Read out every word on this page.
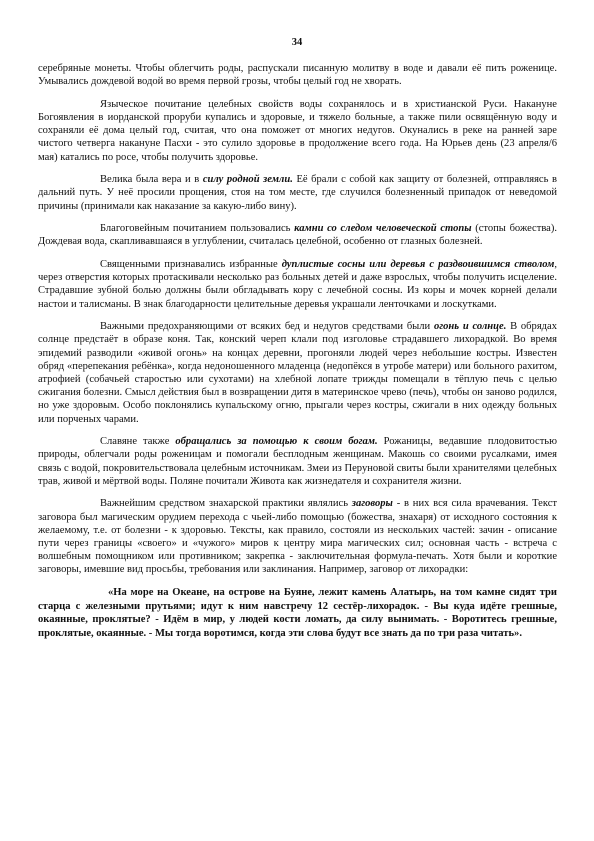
34

серебряные монеты. Чтобы облегчить роды, распускали писанную молитву в воде и давали её пить роженице. Умывались дождевой водой во время первой грозы, чтобы целый год не хворать.

Языческое почитание целебных свойств воды сохранялось и в христианской Руси. Накануне Богоявления в иорданской проруби купались и здоровые, и тяжело больные, а также пили освящённую воду и сохраняли её дома целый год, считая, что она поможет от многих недугов. Окунались в реке на ранней заре чистого четверга накануне Пасхи - это сулило здоровье в продолжение всего года. На Юрьев день (23 апреля/6 мая) катались по росе, чтобы получить здоровье.

Велика была вера и в силу родной земли. Её брали с собой как защиту от болезней, отправляясь в дальний путь. У неё просили прощения, стоя на том месте, где случился болезненный припадок от неведомой причины (принимали как наказание за какую-либо вину).

Благоговейным почитанием пользовались камни со следом человеческой стопы (стопы божества). Дождевая вода, скапливавшаяся в углублении, считалась целебной, особенно от глазных болезней.

Священными признавались избранные дуплистые сосны или деревья с раздвоившимся стволом, через отверстия которых протаскивали несколько раз больных детей и даже взрослых, чтобы получить исцеление. Страдавшие зубной болью должны были обгладывать кору с лечебной сосны. Из коры и мочек корней делали настои и талисманы. В знак благодарности целительные деревья украшали ленточками и лоскутками.

Важными предохраняющими от всяких бед и недугов средствами были огонь и солнце. В обрядах солнце предстаёт в образе коня. Так, конский череп клали под изголовье страдавшего лихорадкой. Во время эпидемий разводили «живой огонь» на концах деревни, прогоняли людей через небольшие костры. Известен обряд «перепекания ребёнка», когда недоношенного младенца (недопёкся в утробе матери) или больного рахитом, атрофией (собачьей старостью или сухотами) на хлебной лопате трижды помещали в тёплую печь с целью сжигания болезни. Смысл действия был в возвращении дитя в материнское чрево (печь), чтобы он заново родился, но уже здоровым. Особо поклонялись купальскому огню, прыгали через костры, сжигали в них одежду больных или порченых чарами.

Славяне также обращались за помощью к своим богам. Рожаницы, ведавшие плодовитостью природы, облегчали роды роженицам и помогали бесплодным женщинам. Макошь со своими русалками, имея связь с водой, покровительствовала целебным источникам. Змеи из Перуновой свиты были хранителями целебных трав, живой и мёртвой воды. Поляне почитали Живота как жизнедателя и сохранителя жизни.

Важнейшим средством знахарской практики являлись заговоры - в них вся сила врачевания. Текст заговора был магическим орудием перехода с чьей-либо помощью (божества, знахаря) от исходного состояния к желаемому, т.е. от болезни - к здоровью. Тексты, как правило, состояли из нескольких частей: зачин - описание пути через границы «своего» и «чужого» миров к центру мира магических сил; основная часть - встреча с волшебным помощником или противником; закрепка - заключительная формула-печать. Хотя были и короткие заговоры, имевшие вид просьбы, требования или заклинания. Например, заговор от лихорадки:

«На море на Океане, на острове на Буяне, лежит камень Алатырь, на том камне сидят три старца с железными прутьями; идут к ним навстречу 12 сестёр-лихорадок. - Вы куда идёте грешные, окаянные, проклятые? - Идём в мир, у людей кости ломать, да силу вынимать. - Воротитесь грешные, проклятые, окаянные. - Мы тогда воротимся, когда эти слова будут все знать да по три раза читать».
